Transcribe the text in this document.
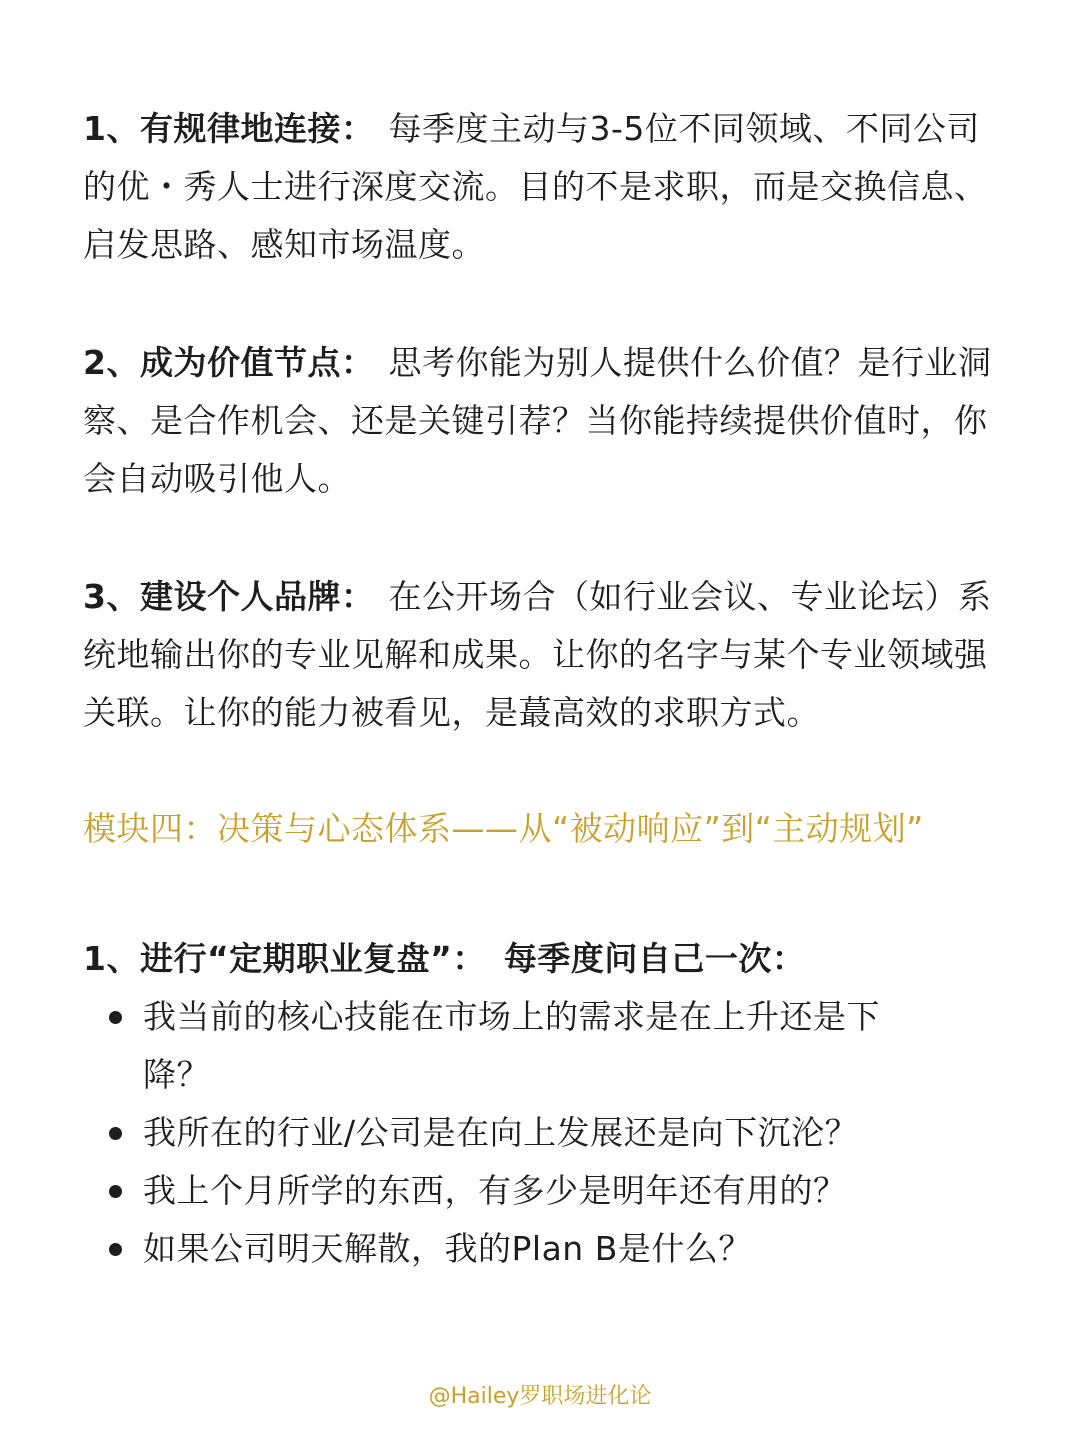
1、有规律地连接： 每季度主动与3-5位不同领域、不同公司的优・秀人士进行深度交流。目的不是求职，而是交换信息、启发思路、感知市场温度。

2、成为价值节点： 思考你能为别人提供什么价值？是行业洞察、是合作机会、还是关键引荐？当你能持续提供价值时，你会自动吸引他人。

3、建设个人品牌： 在公开场合（如行业会议、专业论坛）系统地输出你的专业见解和成果。让你的名字与某个专业领域强关联。让你的能力被看见，是蕞高效的求职方式。

模块四：决策与心态体系——从“被动响应”到“主动规划”
1、进行“定期职业复盘”： 每季度问自己一次：
我当前的核心技能在市场上的需求是在上升还是下降？
我所在的行业/公司是在向上发展还是向下沉沦？
我上个月所学的东西，有多少是明年还有用的？
如果公司明天解散，我的Plan B是什么？
@Hailey罗职场进化论
